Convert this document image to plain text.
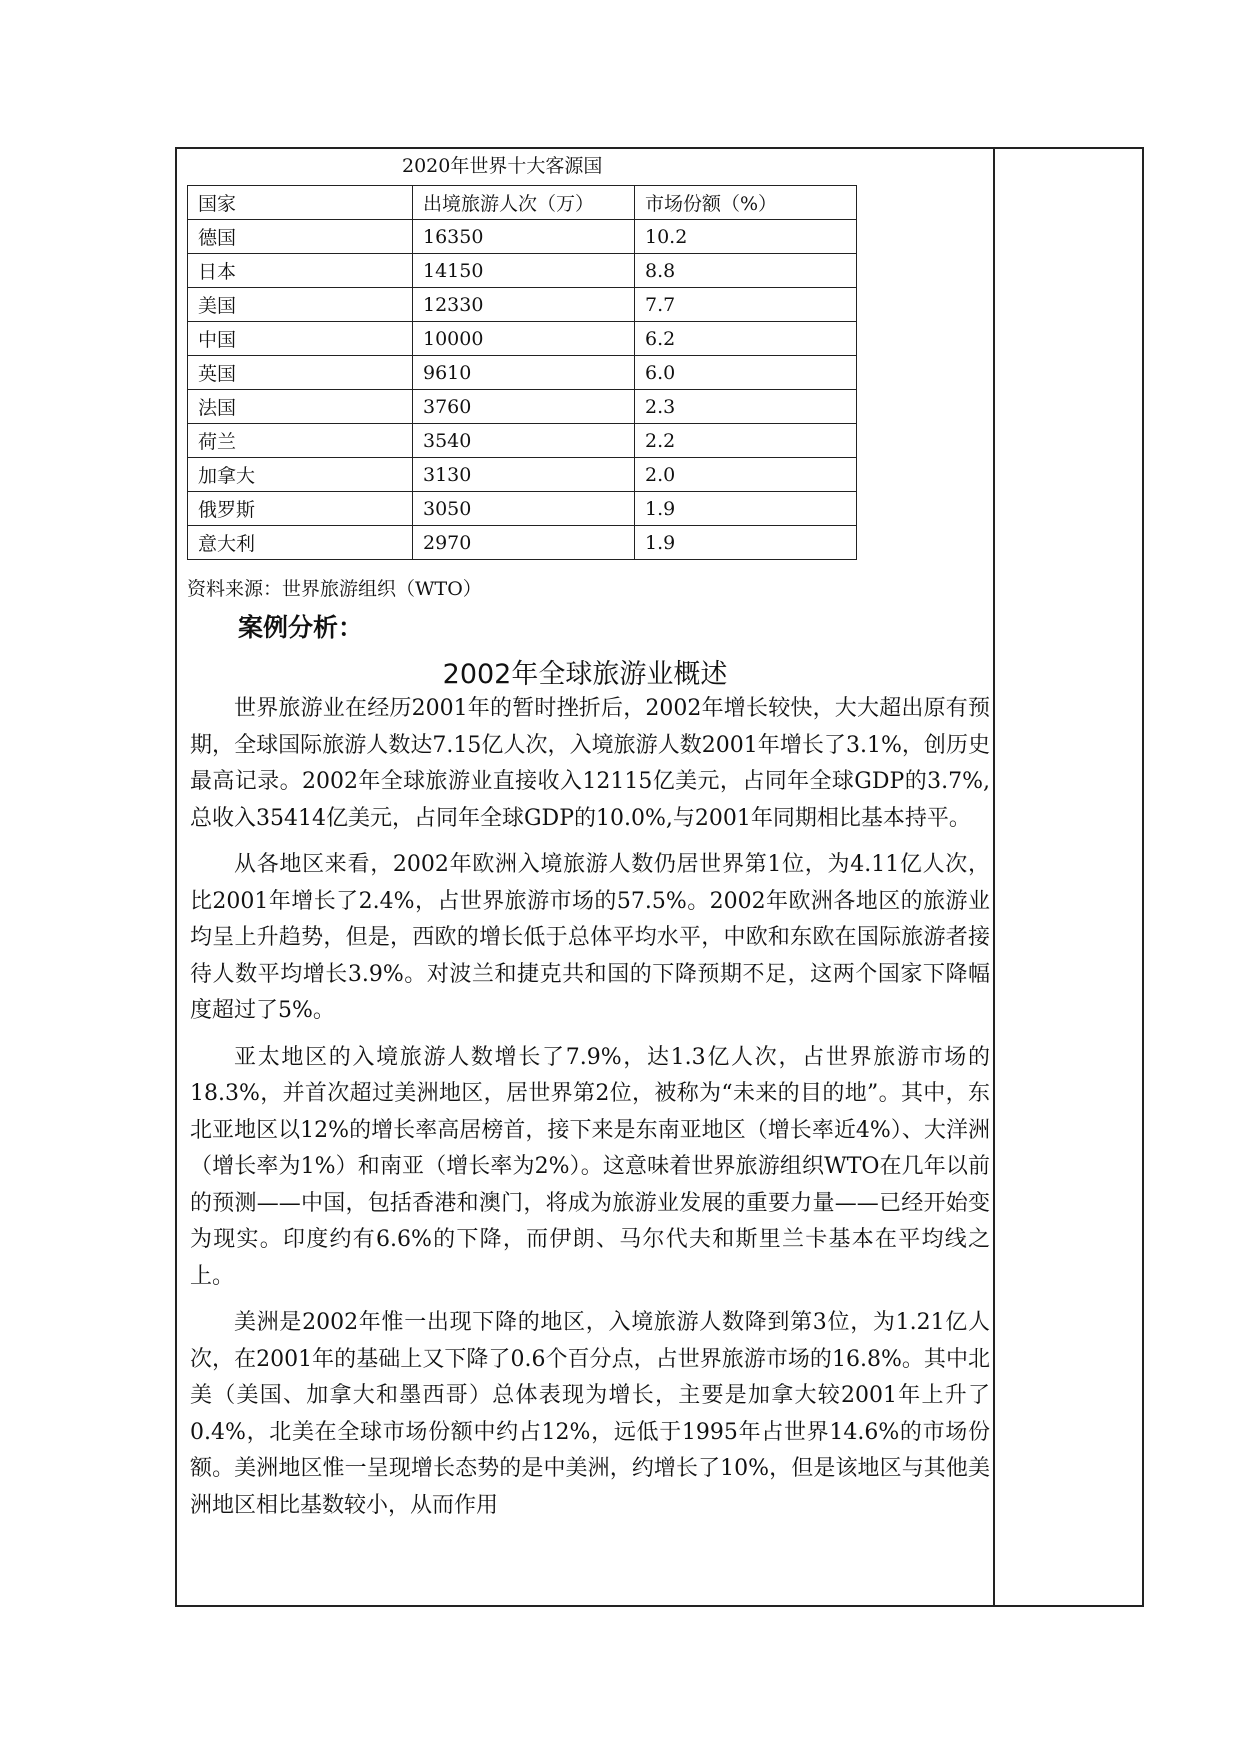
2020年世界十大客源国
国家	出境旅游人次（万）	市场份额（%）
德国	16350	10.2
日本	14150	8.8
美国	12330	7.7
中国	10000	6.2
英国	9610	6.0
法国	3760	2.3
荷兰	3540	2.2
加拿大	3130	2.0
俄罗斯	3050	1.9
意大利	2970	1.9
资料来源：世界旅游组织（WTO）
案例分析：
2002年全球旅游业概述

世界旅游业在经历2001年的暂时挫折后，2002年增长较快，大大超出原有预期，全球国际旅游人数达7.15亿人次，入境旅游人数2001年增长了3.1%，创历史最高记录。2002年全球旅游业直接收入12115亿美元，占同年全球GDP的3.7%,总收入35414亿美元，占同年全球GDP的10.0%,与2001年同期相比基本持平。

从各地区来看，2002年欧洲入境旅游人数仍居世界第1位，为4.11亿人次，比2001年增长了2.4%，占世界旅游市场的57.5%。2002年欧洲各地区的旅游业均呈上升趋势，但是，西欧的增长低于总体平均水平，中欧和东欧在国际旅游者接待人数平均增长3.9%。对波兰和捷克共和国的下降预期不足，这两个国家下降幅度超过了5%。

亚太地区的入境旅游人数增长了7.9%，达1.3亿人次，占世界旅游市场的18.3%，并首次超过美洲地区，居世界第2位，被称为“未来的目的地”。其中，东北亚地区以12%的增长率高居榜首，接下来是东南亚地区（增长率近4%）、大洋洲（增长率为1%）和南亚（增长率为2%）。这意味着世界旅游组织WTO在几年以前的预测——中国，包括香港和澳门，将成为旅游业发展的重要力量——已经开始变为现实。印度约有6.6%的下降，而伊朗、马尔代夫和斯里兰卡基本在平均线之上。

美洲是2002年惟一出现下降的地区，入境旅游人数降到第3位，为1.21亿人次，在2001年的基础上又下降了0.6个百分点，占世界旅游市场的16.8%。其中北美（美国、加拿大和墨西哥）总体表现为增长，主要是加拿大较2001年上升了0.4%，北美在全球市场份额中约占12%，远低于1995年占世界14.6%的市场份额。美洲地区惟一呈现增长态势的是中美洲，约增长了10%，但是该地区与其他美洲地区相比基数较小，从而作用
